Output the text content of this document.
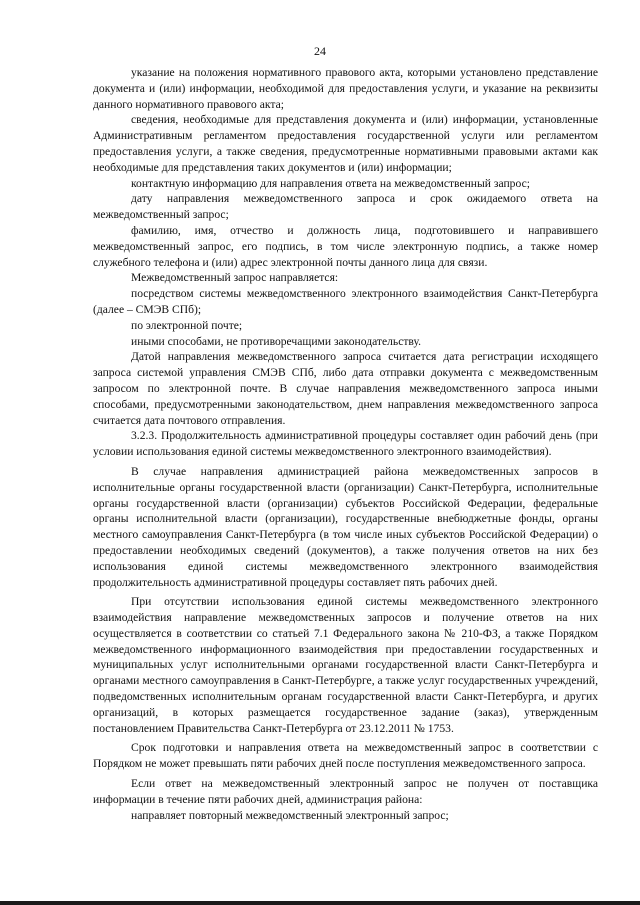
24

указание на положения нормативного правового акта, которыми установлено представление документа и (или) информации, необходимой для предоставления услуги, и указание на реквизиты данного нормативного правового акта;

сведения, необходимые для представления документа и (или) информации, установленные Административным регламентом предоставления государственной услуги или регламентом предоставления услуги, а также сведения, предусмотренные нормативными правовыми актами как необходимые для представления таких документов и (или) информации;

контактную информацию для направления ответа на межведомственный запрос;

дату направления межведомственного запроса и срок ожидаемого ответа на межведомственный запрос;

фамилию, имя, отчество и должность лица, подготовившего и направившего межведомственный запрос, его подпись, в том числе электронную подпись, а также номер служебного телефона и (или) адрес электронной почты данного лица для связи.

Межведомственный запрос направляется:

посредством системы межведомственного электронного взаимодействия Санкт-Петербурга (далее – СМЭВ СПб);

по электронной почте;

иными способами, не противоречащими законодательству.

Датой направления межведомственного запроса считается дата регистрации исходящего запроса системой управления СМЭВ СПб, либо дата отправки документа с межведомственным запросом по электронной почте. В случае направления межведомственного запроса иными способами, предусмотренными законодательством, днем направления межведомственного запроса считается дата почтового отправления.

3.2.3. Продолжительность административной процедуры составляет один рабочий день (при условии использования единой системы межведомственного электронного взаимодействия).

В случае направления администрацией района межведомственных запросов в исполнительные органы государственной власти (организации) Санкт-Петербурга, исполнительные органы государственной власти (организации) субъектов Российской Федерации, федеральные органы исполнительной власти (организации), государственные внебюджетные фонды, органы местного самоуправления Санкт-Петербурга (в том числе иных субъектов Российской Федерации) о предоставлении необходимых сведений (документов), а также получения ответов на них без использования единой системы межведомственного электронного взаимодействия продолжительность административной процедуры составляет пять рабочих дней.

При отсутствии использования единой системы межведомственного электронного взаимодействия направление межведомственных запросов и получение ответов на них осуществляется в соответствии со статьей 7.1 Федерального закона № 210-ФЗ, а также Порядком межведомственного информационного взаимодействия при предоставлении государственных и муниципальных услуг исполнительными органами государственной власти Санкт-Петербурга и органами местного самоуправления в Санкт-Петербурге, а также услуг государственных учреждений, подведомственных исполнительным органам государственной власти Санкт-Петербурга, и других организаций, в которых размещается государственное задание (заказ), утвержденным постановлением Правительства Санкт-Петербурга от 23.12.2011 № 1753.

Срок подготовки и направления ответа на межведомственный запрос в соответствии с Порядком не может превышать пяти рабочих дней после поступления межведомственного запроса.

Если ответ на межведомственный электронный запрос не получен от поставщика информации в течение пяти рабочих дней, администрация района:

направляет повторный межведомственный электронный запрос;
